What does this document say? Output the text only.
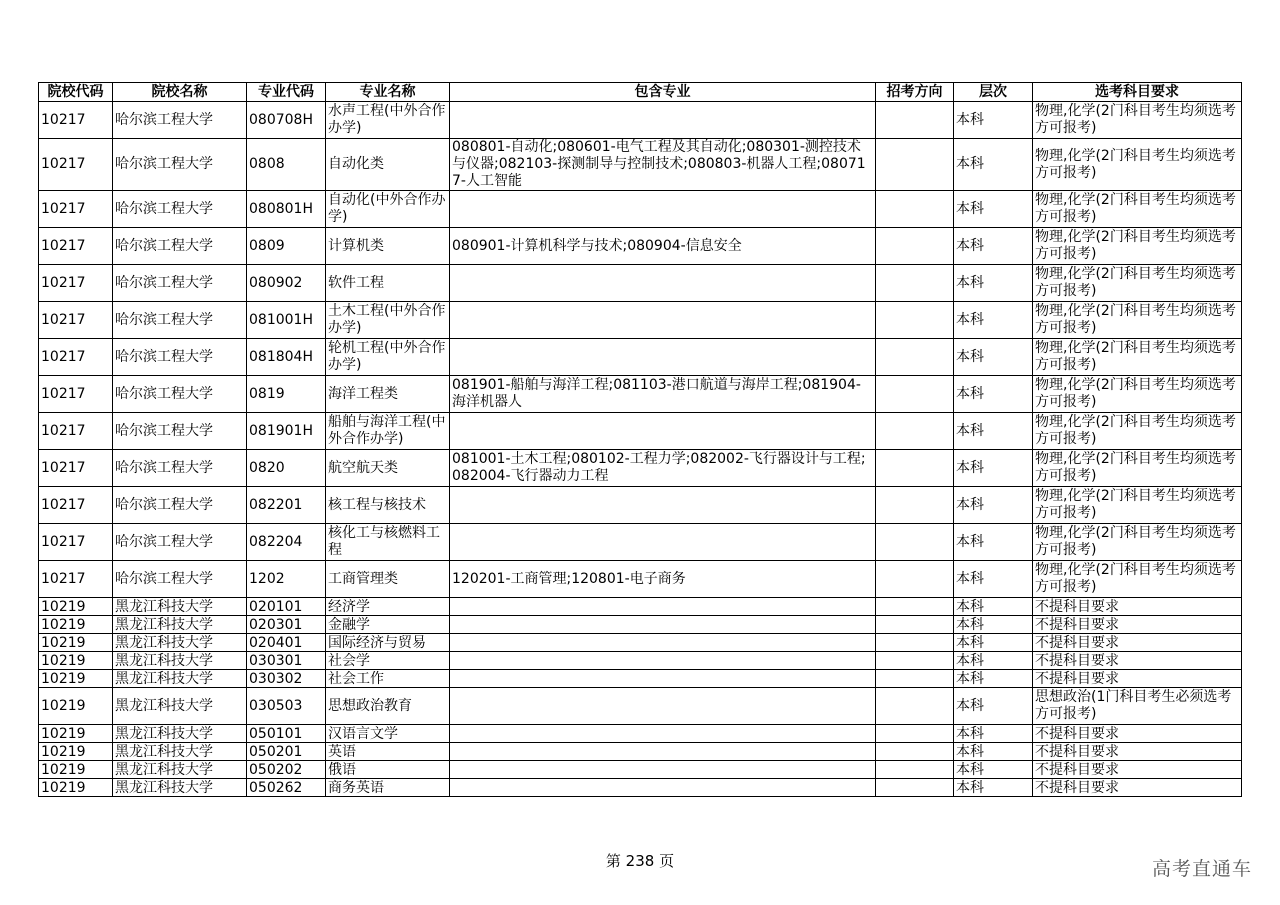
院校代码	院校名称	专业代码	专业名称	包含专业	招考方向	层次	选考科目要求
10217	哈尔滨工程大学	080708H	水声工程(中外合作办学)			本科	物理,化学(2门科目考生均须选考方可报考)
10217	哈尔滨工程大学	0808	自动化类	080801-自动化;080601-电气工程及其自动化;080301-测控技术与仪器;082103-探测制导与控制技术;080803-机器人工程;080717-人工智能		本科	物理,化学(2门科目考生均须选考方可报考)
10217	哈尔滨工程大学	080801H	自动化(中外合作办学)			本科	物理,化学(2门科目考生均须选考方可报考)
10217	哈尔滨工程大学	0809	计算机类	080901-计算机科学与技术;080904-信息安全		本科	物理,化学(2门科目考生均须选考方可报考)
10217	哈尔滨工程大学	080902	软件工程			本科	物理,化学(2门科目考生均须选考方可报考)
10217	哈尔滨工程大学	081001H	土木工程(中外合作办学)			本科	物理,化学(2门科目考生均须选考方可报考)
10217	哈尔滨工程大学	081804H	轮机工程(中外合作办学)			本科	物理,化学(2门科目考生均须选考方可报考)
10217	哈尔滨工程大学	0819	海洋工程类	081901-船舶与海洋工程;081103-港口航道与海岸工程;081904-海洋机器人		本科	物理,化学(2门科目考生均须选考方可报考)
10217	哈尔滨工程大学	081901H	船舶与海洋工程(中外合作办学)			本科	物理,化学(2门科目考生均须选考方可报考)
10217	哈尔滨工程大学	0820	航空航天类	081001-土木工程;080102-工程力学;082002-飞行器设计与工程;082004-飞行器动力工程		本科	物理,化学(2门科目考生均须选考方可报考)
10217	哈尔滨工程大学	082201	核工程与核技术			本科	物理,化学(2门科目考生均须选考方可报考)
10217	哈尔滨工程大学	082204	核化工与核燃料工程			本科	物理,化学(2门科目考生均须选考方可报考)
10217	哈尔滨工程大学	1202	工商管理类	120201-工商管理;120801-电子商务		本科	物理,化学(2门科目考生均须选考方可报考)
10219	黑龙江科技大学	020101	经济学			本科	不提科目要求
10219	黑龙江科技大学	020301	金融学			本科	不提科目要求
10219	黑龙江科技大学	020401	国际经济与贸易			本科	不提科目要求
10219	黑龙江科技大学	030301	社会学			本科	不提科目要求
10219	黑龙江科技大学	030302	社会工作			本科	不提科目要求
10219	黑龙江科技大学	030503	思想政治教育			本科	思想政治(1门科目考生必须选考方可报考)
10219	黑龙江科技大学	050101	汉语言文学			本科	不提科目要求
10219	黑龙江科技大学	050201	英语			本科	不提科目要求
10219	黑龙江科技大学	050202	俄语			本科	不提科目要求
10219	黑龙江科技大学	050262	商务英语			本科	不提科目要求
第 238 页	高考直通车
